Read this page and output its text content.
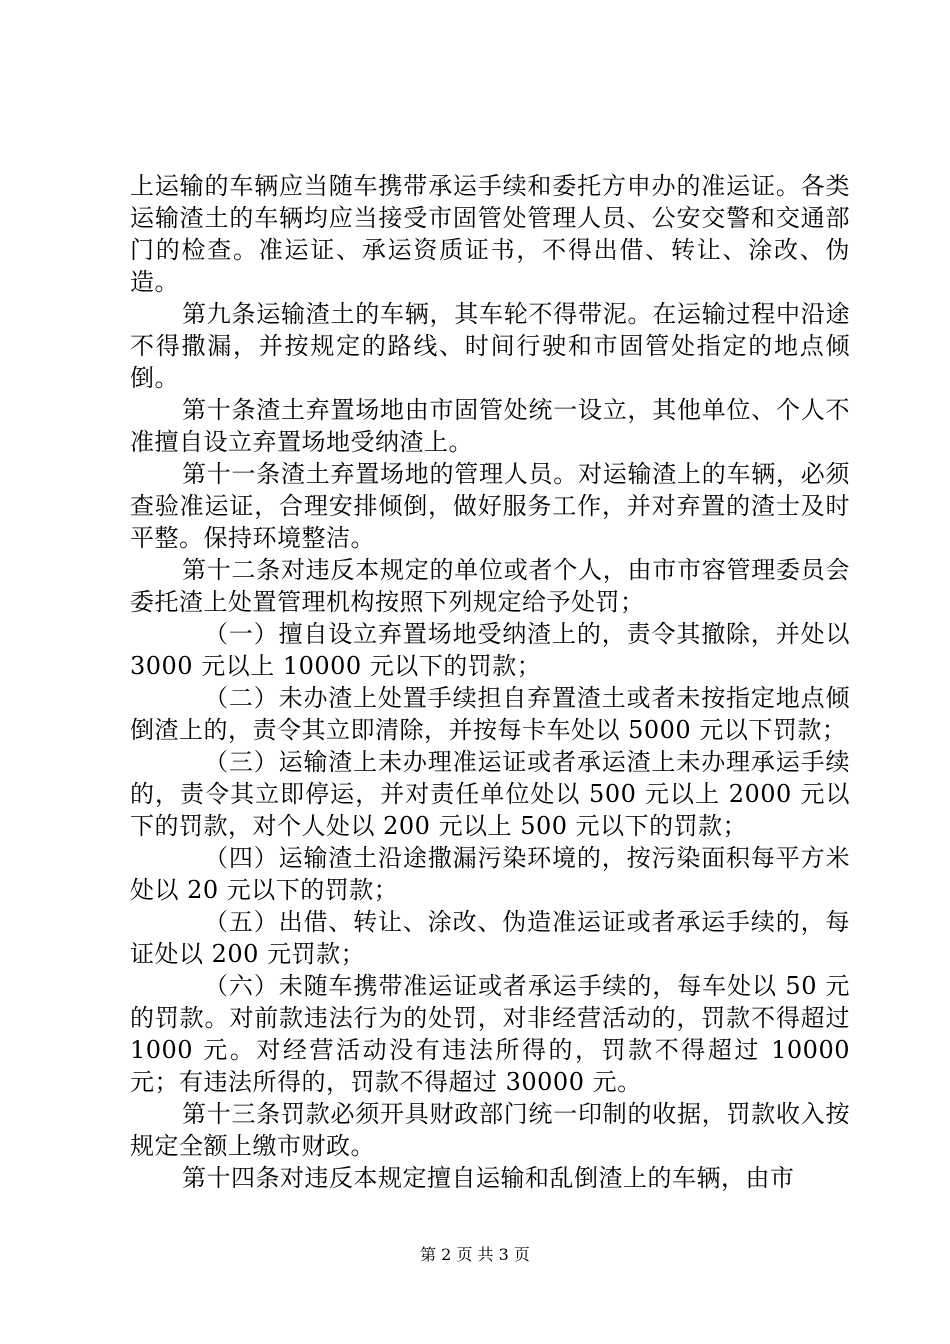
上运输的车辆应当随车携带承运手续和委托方申办的准运证。各类运输渣土的车辆均应当接受市固管处管理人员、公安交警和交通部门的检查。准运证、承运资质证书，不得出借、转让、涂改、伪造。

第九条运输渣土的车辆，其车轮不得带泥。在运输过程中沿途不得撒漏，并按规定的路线、时间行驶和市固管处指定的地点倾倒。

第十条渣土弃置场地由市固管处统一设立，其他单位、个人不准擅自设立弃置场地受纳渣上。

第十一条渣土弃置场地的管理人员。对运输渣上的车辆，必须查验准运证，合理安排倾倒，做好服务工作，并对弃置的渣士及时平整。保持环境整洁。

第十二条对违反本规定的单位或者个人，由市市容管理委员会委托渣上处置管理机构按照下列规定给予处罚；

（一）擅自设立弃置场地受纳渣上的，责令其撤除，并处以 3000 元以上 10000 元以下的罚款；

（二）未办渣上处置手续担自弃置渣土或者未按指定地点倾倒渣上的，责令其立即清除，并按每卡车处以 5000 元以下罚款；

（三）运输渣上未办理准运证或者承运渣上未办理承运手续的，责令其立即停运，并对责任单位处以 500 元以上 2000 元以下的罚款，对个人处以 200 元以上 500 元以下的罚款；

（四）运输渣土沿途撒漏污染环境的，按污染面积每平方米处以 20 元以下的罚款；

（五）出借、转让、涂改、伪造准运证或者承运手续的，每证处以 200 元罚款；

（六）未随车携带准运证或者承运手续的，每车处以 50 元的罚款。对前款违法行为的处罚，对非经营活动的，罚款不得超过 1000 元。对经营活动没有违法所得的，罚款不得超过 10000 元；有违法所得的，罚款不得超过 30000 元。

第十三条罚款必须开具财政部门统一印制的收据，罚款收入按规定全额上缴市财政。

第十四条对违反本规定擅自运输和乱倒渣上的车辆，由市

第 2 页 共 3 页
